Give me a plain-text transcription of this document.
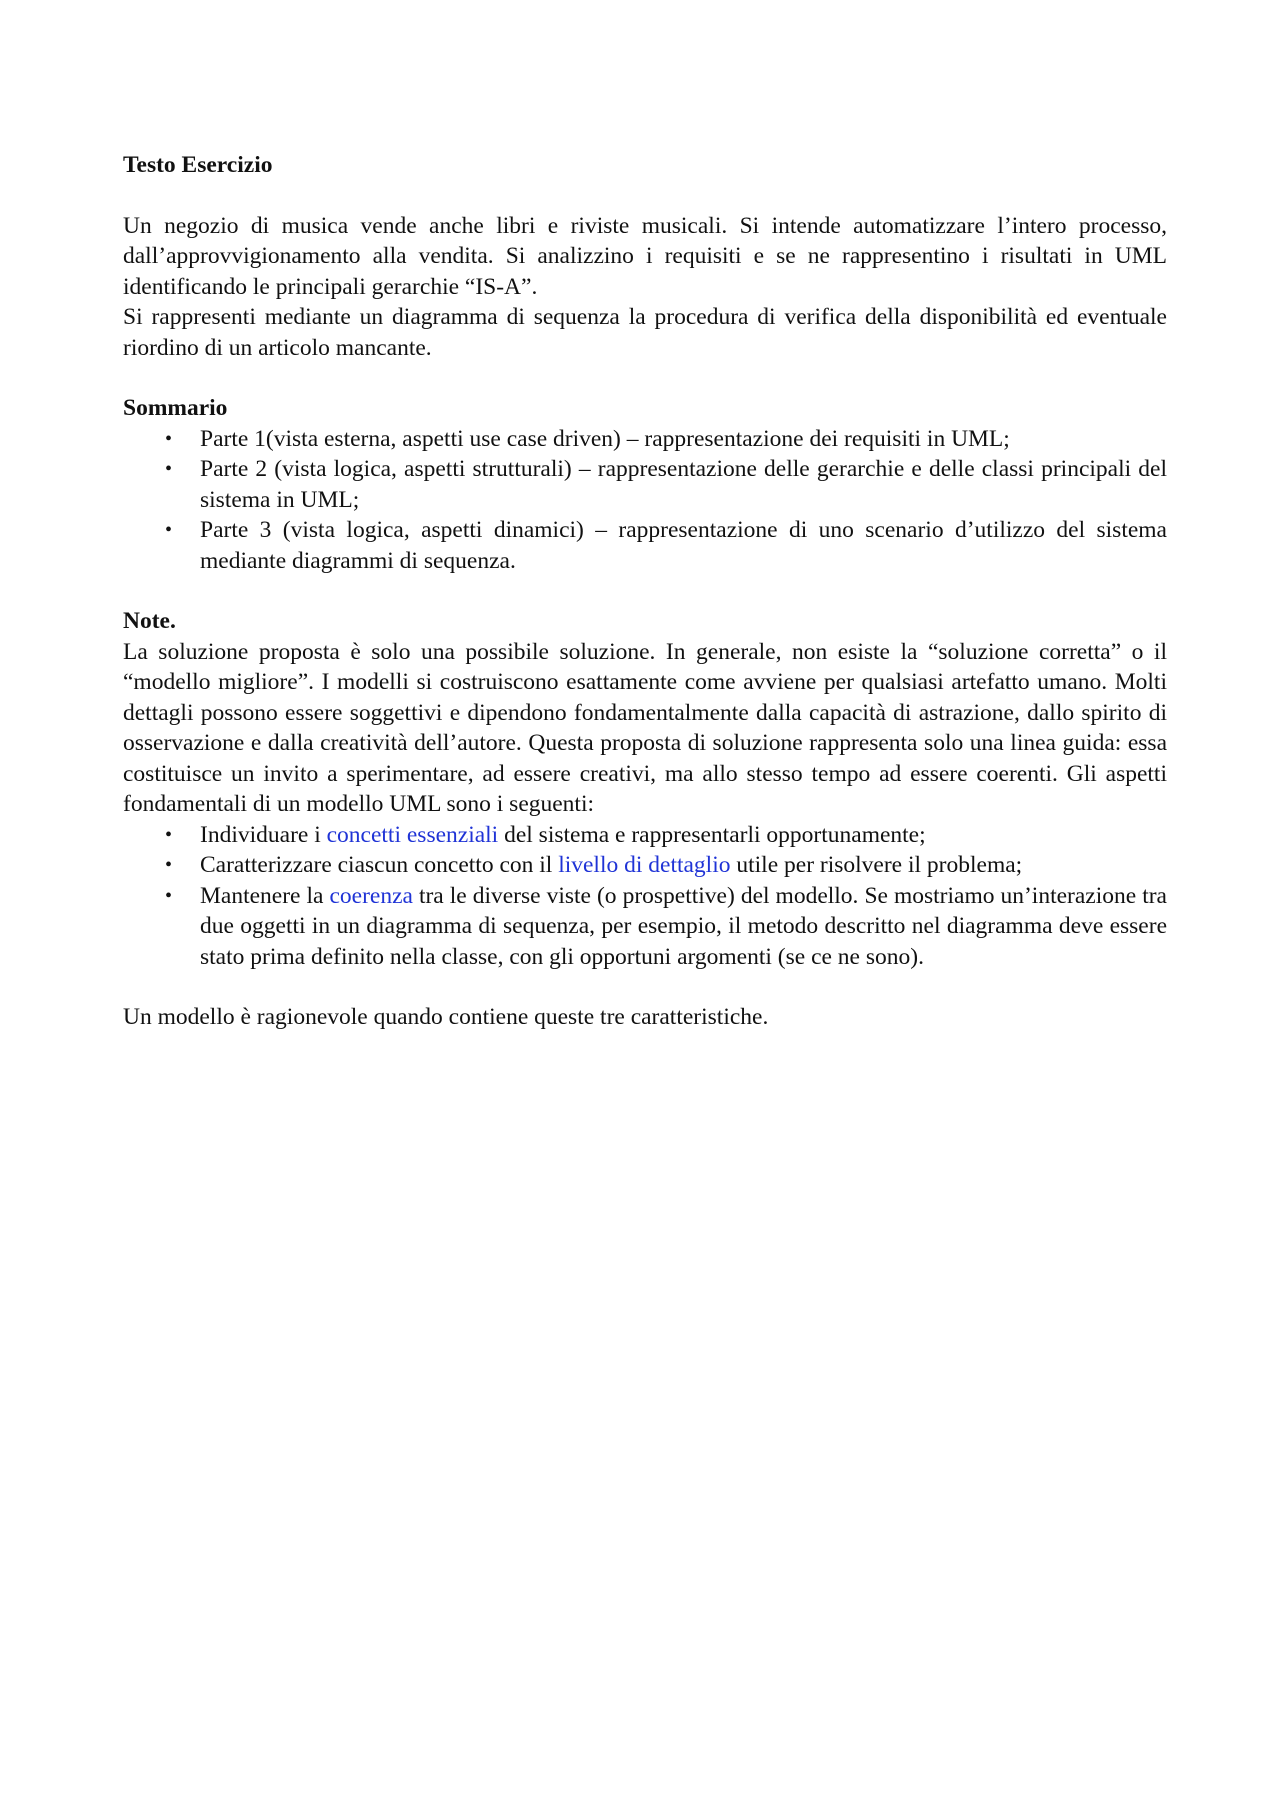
Testo Esercizio

Un negozio di musica vende anche libri e riviste musicali. Si intende automatizzare l’intero processo, dall’approvvigionamento alla vendita. Si analizzino i requisiti e se ne rappresentino i risultati in UML identificando le principali gerarchie “IS-A”.

Si rappresenti mediante un diagramma di sequenza la procedura di verifica della disponibilità ed eventuale riordino di un articolo mancante.

Sommario

• Parte 1(vista esterna, aspetti use case driven) – rappresentazione dei requisiti in UML;
• Parte 2 (vista logica, aspetti strutturali) – rappresentazione delle gerarchie e delle classi principali del sistema in UML;
• Parte 3 (vista logica, aspetti dinamici) – rappresentazione di uno scenario d’utilizzo del sistema mediante diagrammi di sequenza.

Note.

La soluzione proposta è solo una possibile soluzione. In generale, non esiste la “soluzione corretta” o il “modello migliore”. I modelli si costruiscono esattamente come avviene per qualsiasi artefatto umano. Molti dettagli possono essere soggettivi e dipendono fondamentalmente dalla capacità di astrazione, dallo spirito di osservazione e dalla creatività dell’autore. Questa proposta di soluzione rappresenta solo una linea guida: essa costituisce un invito a sperimentare, ad essere creativi, ma allo stesso tempo ad essere coerenti. Gli aspetti fondamentali di un modello UML sono i seguenti:

• Individuare i concetti essenziali del sistema e rappresentarli opportunamente;
• Caratterizzare ciascun concetto con il livello di dettaglio utile per risolvere il problema;
• Mantenere la coerenza tra le diverse viste (o prospettive) del modello. Se mostriamo un’interazione tra due oggetti in un diagramma di sequenza, per esempio, il metodo descritto nel diagramma deve essere stato prima definito nella classe, con gli opportuni argomenti (se ce ne sono).

Un modello è ragionevole quando contiene queste tre caratteristiche.
